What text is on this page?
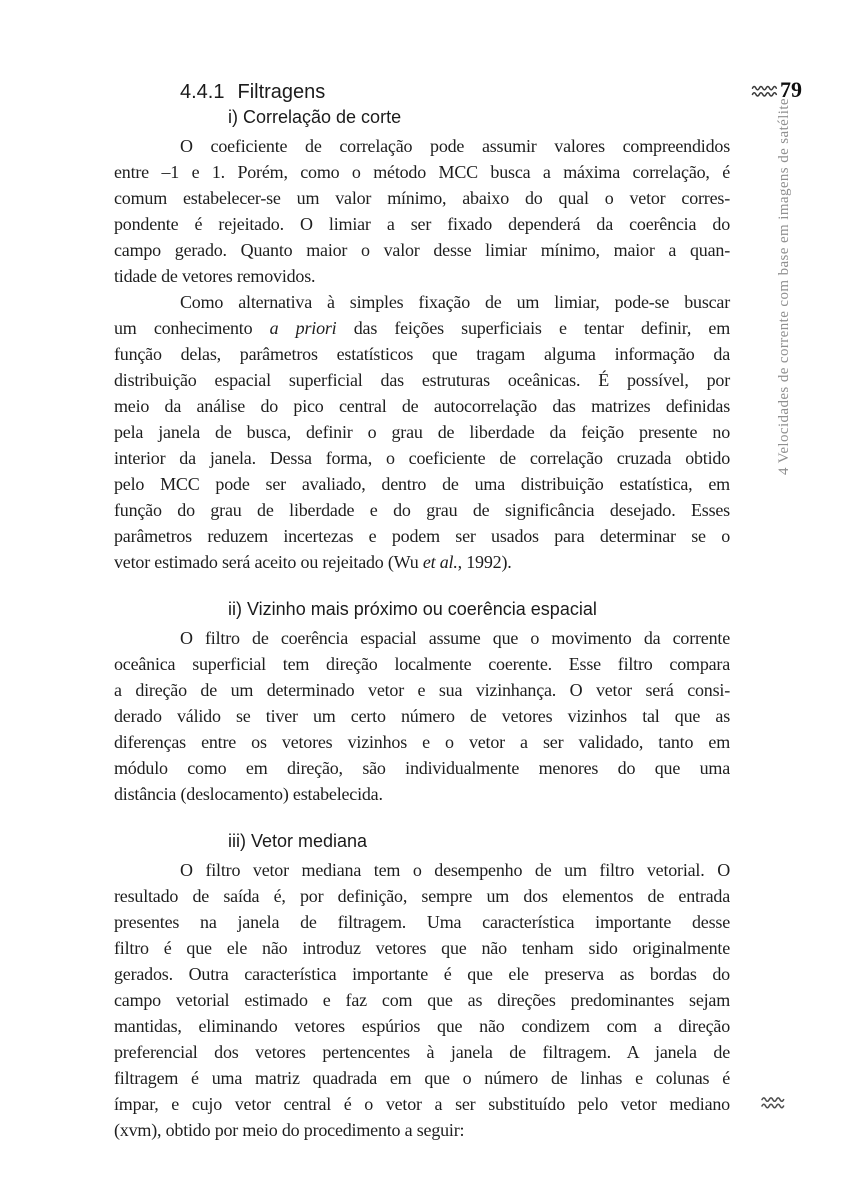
79
4 Velocidades de corrente com base em imagens de satélite
4.4.1 Filtragens
i) Correlação de corte
O coeficiente de correlação pode assumir valores compreendidos
entre –1 e 1. Porém, como o método MCC busca a máxima correlação, é
comum estabelecer-se um valor mínimo, abaixo do qual o vetor corres-
pondente é rejeitado. O limiar a ser fixado dependerá da coerência do
campo gerado. Quanto maior o valor desse limiar mínimo, maior a quan-
tidade de vetores removidos.
Como alternativa à simples fixação de um limiar, pode-se buscar
um conhecimento a priori das feições superficiais e tentar definir, em
função delas, parâmetros estatísticos que tragam alguma informação da
distribuição espacial superficial das estruturas oceânicas. É possível, por
meio da análise do pico central de autocorrelação das matrizes definidas
pela janela de busca, definir o grau de liberdade da feição presente no
interior da janela. Dessa forma, o coeficiente de correlação cruzada obtido
pelo MCC pode ser avaliado, dentro de uma distribuição estatística, em
função do grau de liberdade e do grau de significância desejado. Esses
parâmetros reduzem incertezas e podem ser usados para determinar se o
vetor estimado será aceito ou rejeitado (Wu et al., 1992).
ii) Vizinho mais próximo ou coerência espacial
O filtro de coerência espacial assume que o movimento da corrente
oceânica superficial tem direção localmente coerente. Esse filtro compara
a direção de um determinado vetor e sua vizinhança. O vetor será consi-
derado válido se tiver um certo número de vetores vizinhos tal que as
diferenças entre os vetores vizinhos e o vetor a ser validado, tanto em
módulo como em direção, são individualmente menores do que uma
distância (deslocamento) estabelecida.
iii) Vetor mediana
O filtro vetor mediana tem o desempenho de um filtro vetorial. O
resultado de saída é, por definição, sempre um dos elementos de entrada
presentes na janela de filtragem. Uma característica importante desse
filtro é que ele não introduz vetores que não tenham sido originalmente
gerados. Outra característica importante é que ele preserva as bordas do
campo vetorial estimado e faz com que as direções predominantes sejam
mantidas, eliminando vetores espúrios que não condizem com a direção
preferencial dos vetores pertencentes à janela de filtragem. A janela de
filtragem é uma matriz quadrada em que o número de linhas e colunas é
ímpar, e cujo vetor central é o vetor a ser substituído pelo vetor mediano
(xvm), obtido por meio do procedimento a seguir:
